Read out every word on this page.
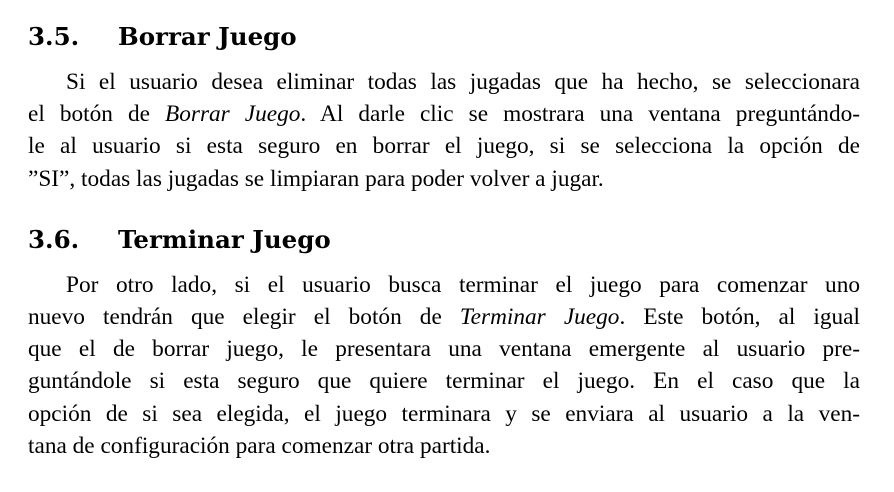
3.5.	Borrar Juego
Si el usuario desea eliminar todas las jugadas que ha hecho, se seleccionara
el botón de Borrar Juego. Al darle clic se mostrara una ventana preguntándo-
le al usuario si esta seguro en borrar el juego, si se selecciona la opción de
”SI”, todas las jugadas se limpiaran para poder volver a jugar.
3.6.	Terminar Juego
Por otro lado, si el usuario busca terminar el juego para comenzar uno
nuevo tendrán que elegir el botón de Terminar Juego. Este botón, al igual
que el de borrar juego, le presentara una ventana emergente al usuario pre-
guntándole si esta seguro que quiere terminar el juego. En el caso que la
opción de si sea elegida, el juego terminara y se enviara al usuario a la ven-
tana de configuración para comenzar otra partida.
